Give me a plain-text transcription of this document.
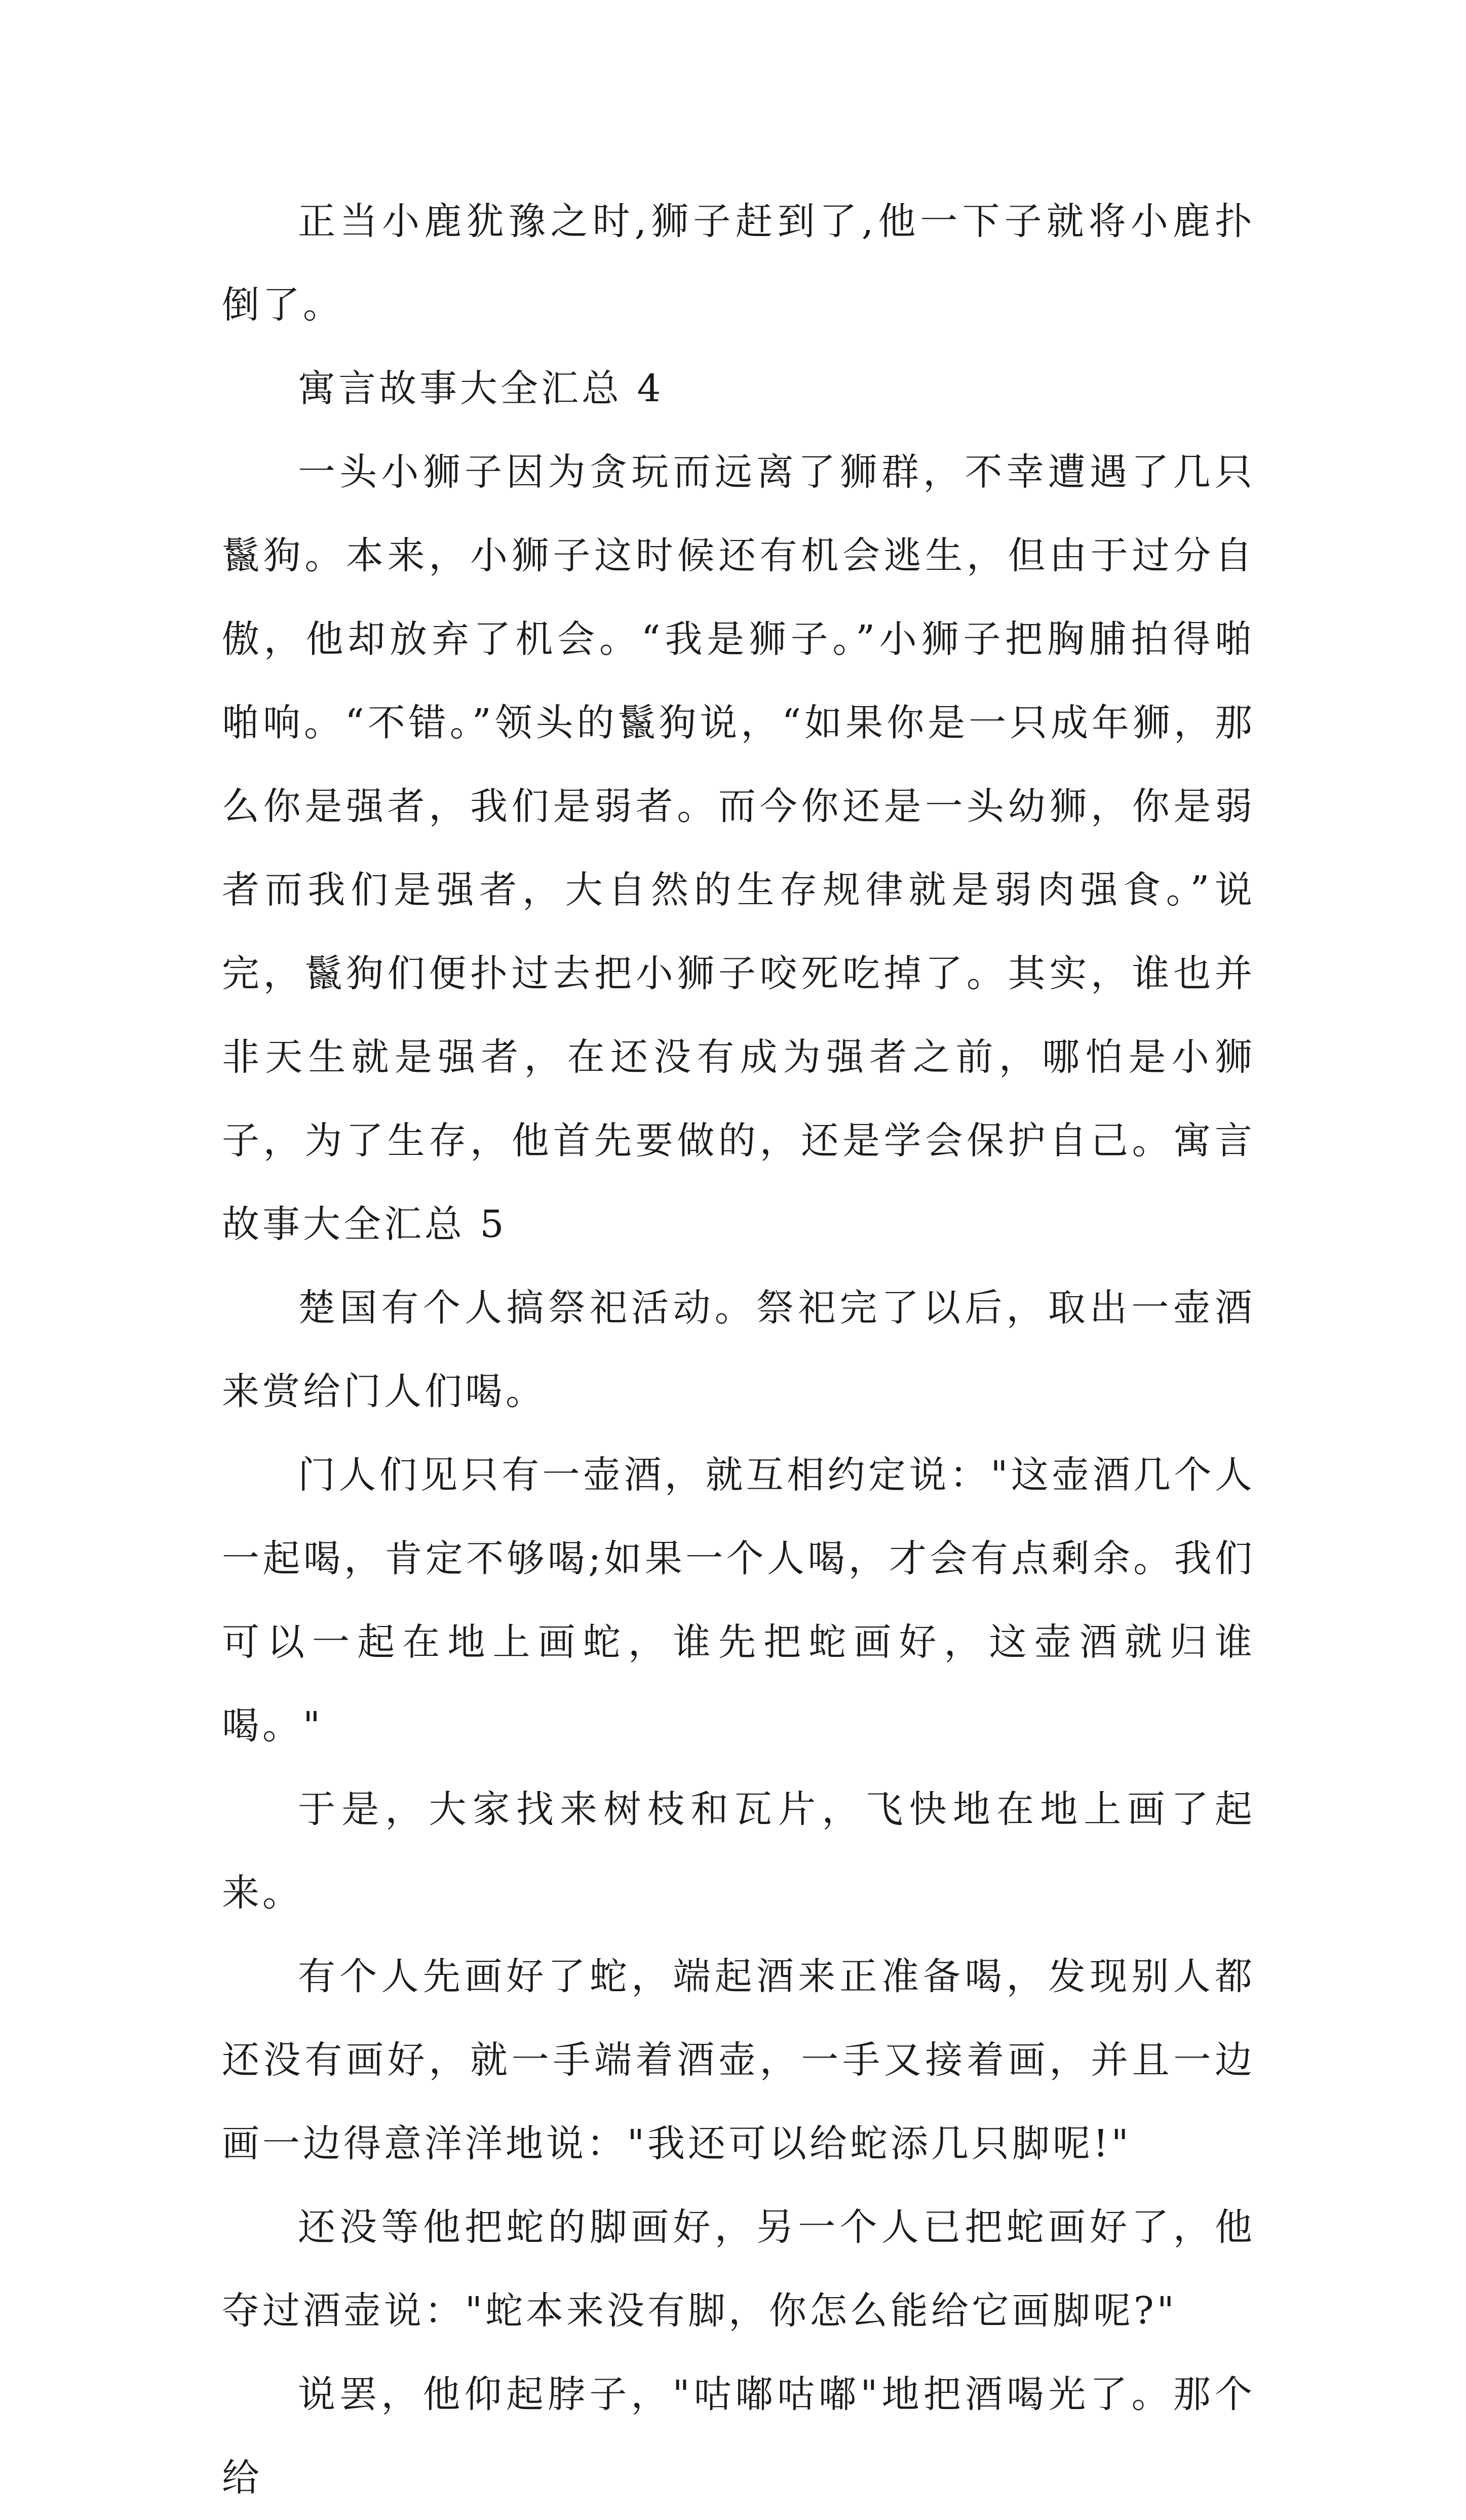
正当小鹿犹豫之时,狮子赶到了,他一下子就将小鹿扑倒了。

寓言故事大全汇总 4

一头小狮子因为贪玩而远离了狮群，不幸遭遇了几只鬣狗。本来，小狮子这时候还有机会逃生，但由于过分自傲，他却放弃了机会。“我是狮子。”小狮子把胸脯拍得啪啪响。“不错。”领头的鬣狗说，“如果你是一只成年狮，那么你是强者，我们是弱者。而今你还是一头幼狮，你是弱者而我们是强者，大自然的生存规律就是弱肉强食。”说完，鬣狗们便扑过去把小狮子咬死吃掉了。其实，谁也并非天生就是强者，在还没有成为强者之前，哪怕是小狮子，为了生存，他首先要做的，还是学会保护自己。寓言故事大全汇总 5

楚国有个人搞祭祀活动。祭祀完了以后，取出一壶酒来赏给门人们喝。

门人们见只有一壶酒，就互相约定说："这壶酒几个人一起喝，肯定不够喝;如果一个人喝，才会有点剩余。我们可以一起在地上画蛇，谁先把蛇画好，这壶酒就归谁喝。"

于是，大家找来树枝和瓦片，飞快地在地上画了起来。

有个人先画好了蛇，端起酒来正准备喝，发现别人都还没有画好，就一手端着酒壶，一手又接着画，并且一边画一边得意洋洋地说："我还可以给蛇添几只脚呢!"

还没等他把蛇的脚画好，另一个人已把蛇画好了，他夺过酒壶说："蛇本来没有脚，你怎么能给它画脚呢?"

说罢，他仰起脖子，"咕嘟咕嘟"地把酒喝光了。那个给
